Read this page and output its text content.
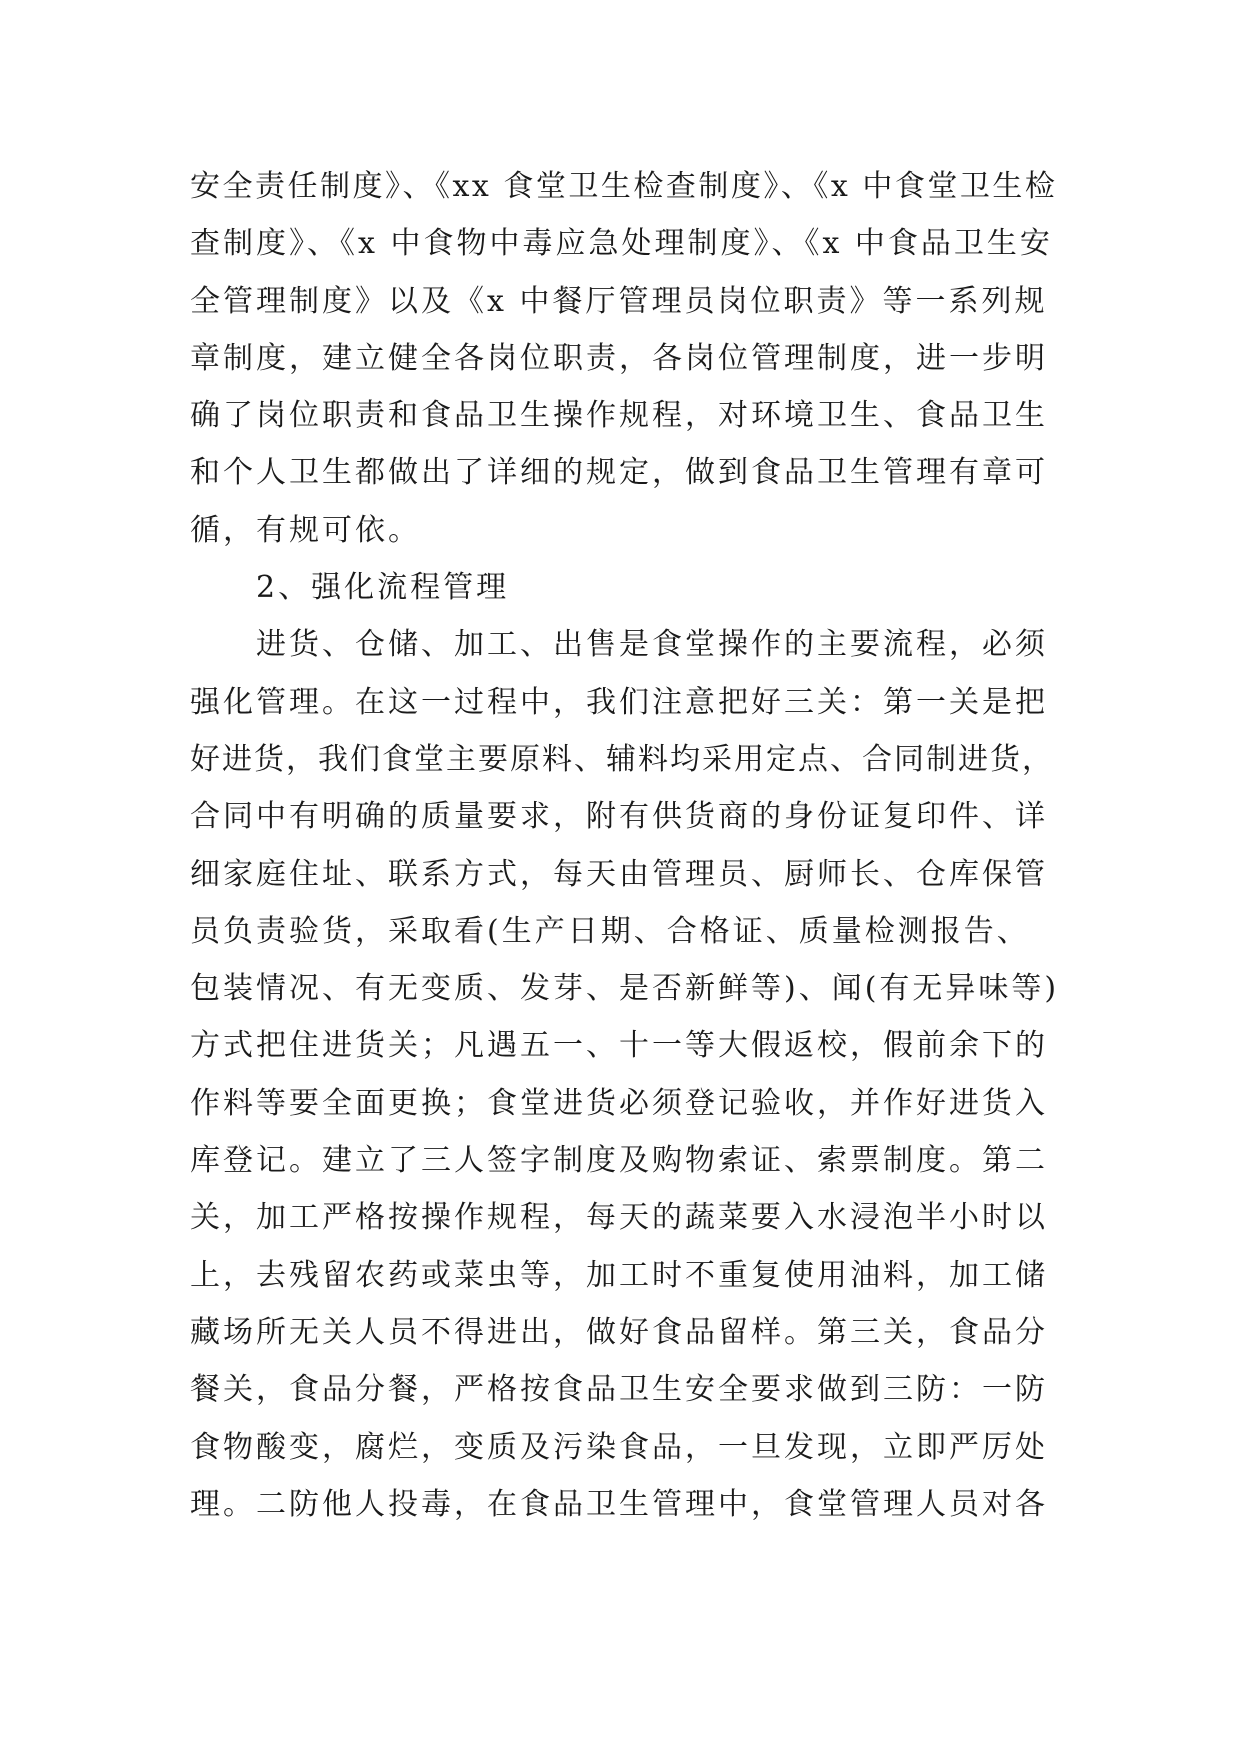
安全责任制度》、《xx 食堂卫生检查制度》、《x 中食堂卫生检
查制度》、《x 中食物中毒应急处理制度》、《x 中食品卫生安
全管理制度》以及《x 中餐厅管理员岗位职责》等一系列规
章制度，建立健全各岗位职责，各岗位管理制度，进一步明
确了岗位职责和食品卫生操作规程，对环境卫生、食品卫生
和个人卫生都做出了详细的规定，做到食品卫生管理有章可
循，有规可依。
2、强化流程管理
进货、仓储、加工、出售是食堂操作的主要流程，必须
强化管理。在这一过程中，我们注意把好三关：第一关是把
好进货，我们食堂主要原料、辅料均采用定点、合同制进货，
合同中有明确的质量要求，附有供货商的身份证复印件、详
细家庭住址、联系方式，每天由管理员、厨师长、仓库保管
员负责验货，采取看(生产日期、合格证、质量检测报告、
包装情况、有无变质、发芽、是否新鲜等)、闻(有无异味等)
方式把住进货关；凡遇五一、十一等大假返校，假前余下的
作料等要全面更换；食堂进货必须登记验收，并作好进货入
库登记。建立了三人签字制度及购物索证、索票制度。第二
关，加工严格按操作规程，每天的蔬菜要入水浸泡半小时以
上，去残留农药或菜虫等，加工时不重复使用油料，加工储
藏场所无关人员不得进出，做好食品留样。第三关，食品分
餐关，食品分餐，严格按食品卫生安全要求做到三防：一防
食物酸变，腐烂，变质及污染食品，一旦发现，立即严厉处
理。二防他人投毒，在食品卫生管理中，食堂管理人员对各
